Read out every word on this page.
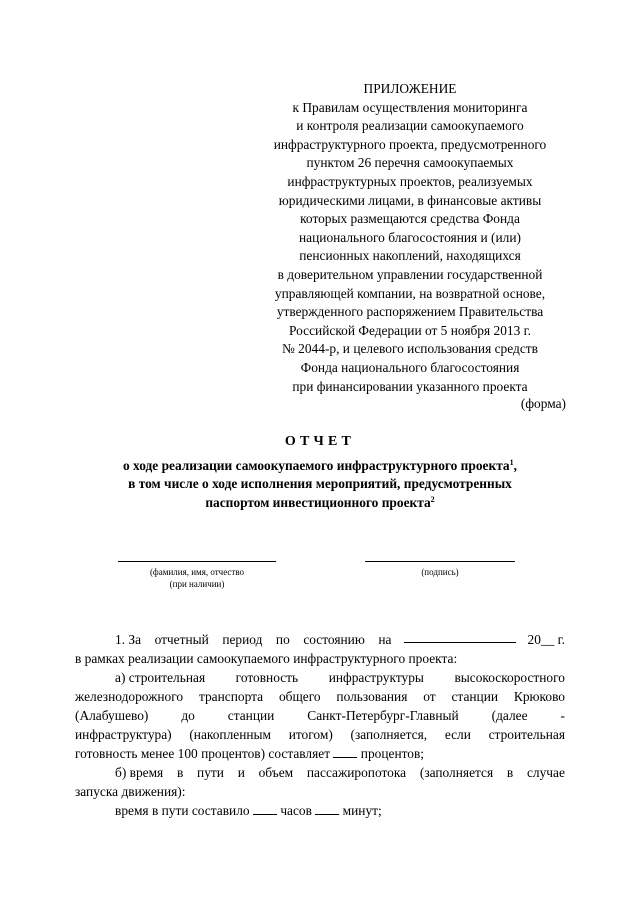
ПРИЛОЖЕНИЕ
к Правилам осуществления мониторинга
и контроля реализации самоокупаемого
инфраструктурного проекта, предусмотренного
пунктом 26 перечня самоокупаемых
инфраструктурных проектов, реализуемых
юридическими лицами, в финансовые активы
которых размещаются средства Фонда
национального благосостояния и (или)
пенсионных накоплений, находящихся
в доверительном управлении государственной
управляющей компании, на возвратной основе,
утвержденного распоряжением Правительства
Российской Федерации от 5 ноября 2013 г.
№ 2044-р, и целевого использования средств
Фонда национального благосостояния
при финансировании указанного проекта
(форма)
ОТЧЕТ
о ходе реализации самоокупаемого инфраструктурного проекта$^1$,
в том числе о ходе исполнения мероприятий, предусмотренных
паспортом инвестиционного проекта$^2$
(фамилия, имя, отчество
(при наличии)
(подпись)
1. За отчетный период по состоянию на	20__ г.
в рамках реализации самоокупаемого инфраструктурного проекта:
а) строительная готовность инфраструктуры высокоскоростного
железнодорожного транспорта общего пользования от станции Крюково
(Алабушево) до станции Санкт-Петербург-Главный (далее -
инфраструктура) (накопленным итогом) (заполняется, если строительная
готовность менее 100 процентов) составляет процентов;
б) время в пути и объем пассажиропотока (заполняется в случае
запуска движения):
время в пути составило часов минут;
